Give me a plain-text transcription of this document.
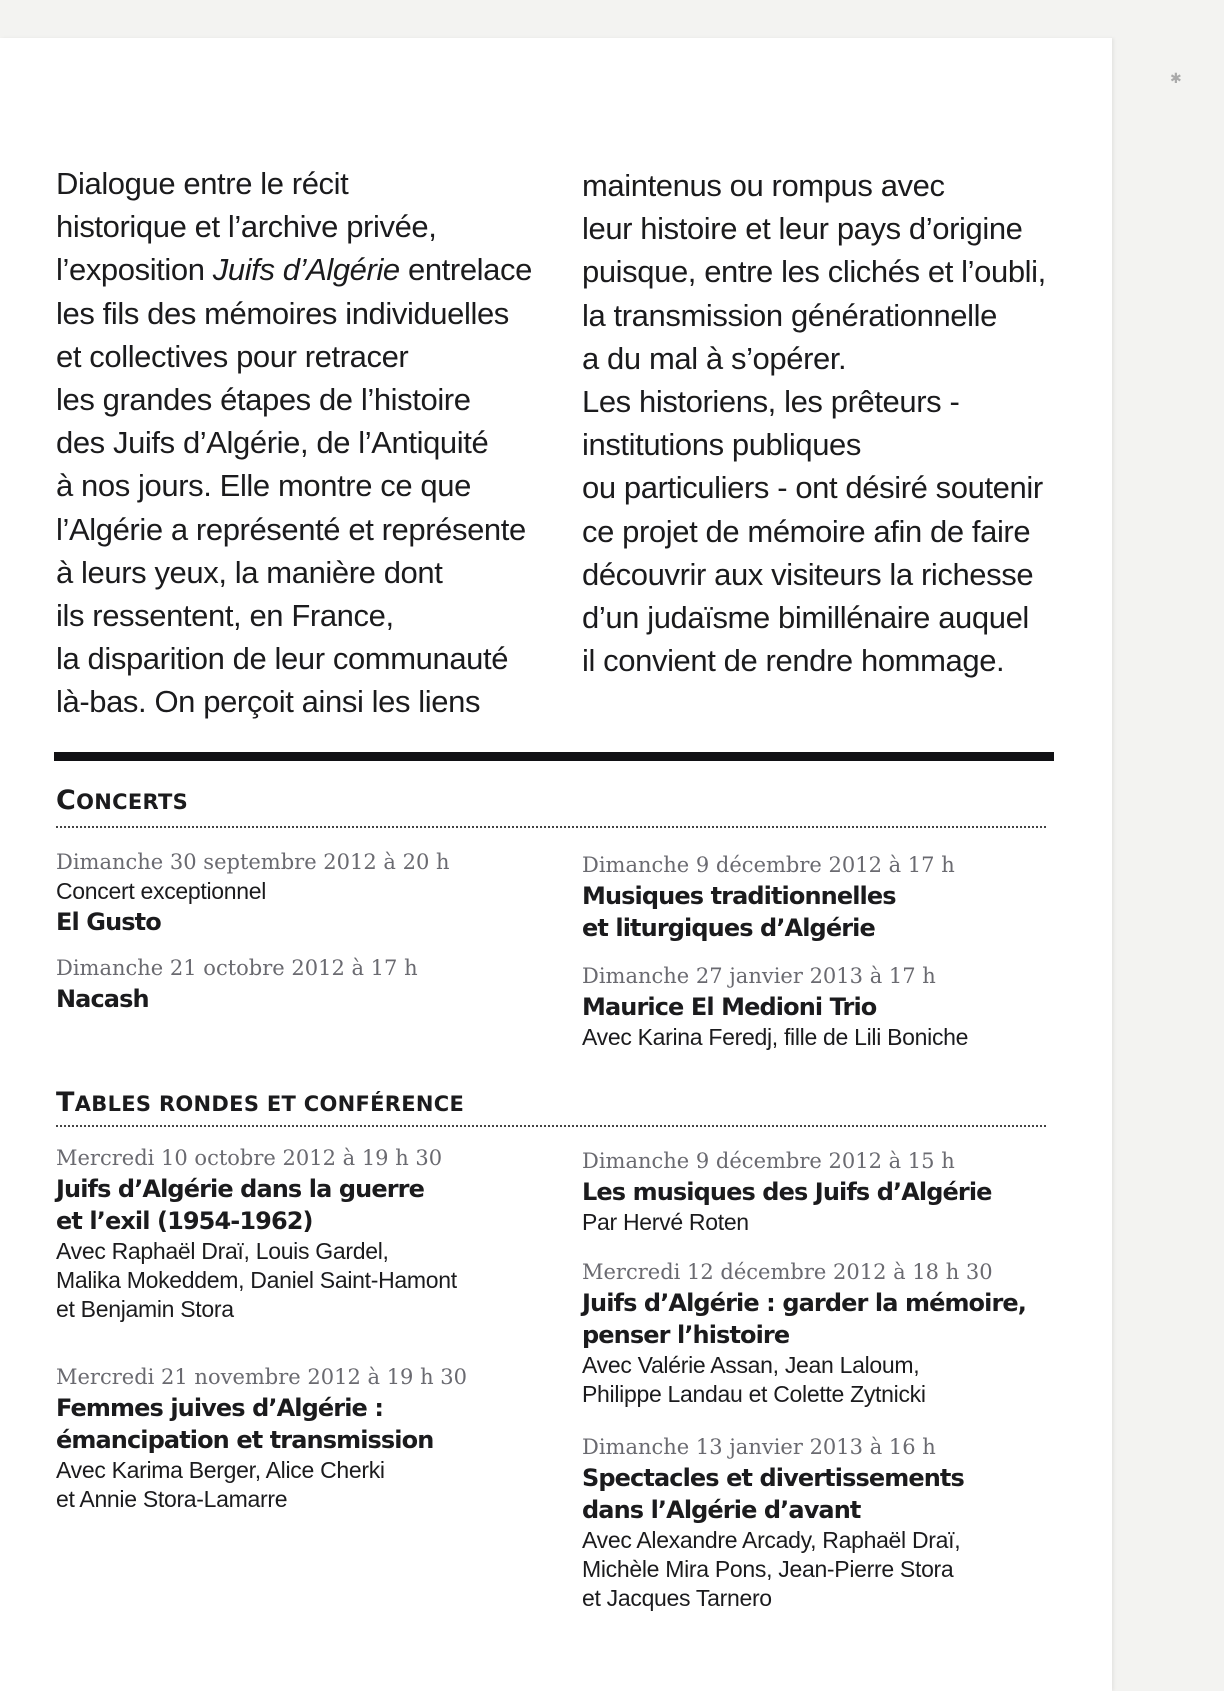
Dialogue entre le récit
historique et l’archive privée,
l’exposition Juifs d’Algérie entrelace
les fils des mémoires individuelles
et collectives pour retracer
les grandes étapes de l’histoire
des Juifs d’Algérie, de l’Antiquité
à nos jours. Elle montre ce que
l’Algérie a représenté et représente
à leurs yeux, la manière dont
ils ressentent, en France,
la disparition de leur communauté
là-bas. On perçoit ainsi les liens
maintenus ou rompus avec
leur histoire et leur pays d’origine
puisque, entre les clichés et l’oubli,
la transmission générationnelle
a du mal à s’opérer.
Les historiens, les prêteurs -
institutions publiques
ou particuliers - ont désiré soutenir
ce projet de mémoire afin de faire
découvrir aux visiteurs la richesse
d’un judaïsme bimillénaire auquel
il convient de rendre hommage.
CONCERTS
Dimanche 30 septembre 2012 à 20 h
Concert exceptionnel
El Gusto
Dimanche 21 octobre 2012 à 17 h
Nacash
Dimanche 9 décembre 2012 à 17 h
Musiques traditionnelles
et liturgiques d’Algérie
Dimanche 27 janvier 2013 à 17 h
Maurice El Medioni Trio
Avec Karina Feredj, fille de Lili Boniche
TABLES RONDES ET CONFÉRENCE
Mercredi 10 octobre 2012 à 19 h 30
Juifs d’Algérie dans la guerre
et l’exil (1954-1962)
Avec Raphaël Draï, Louis Gardel,
Malika Mokeddem, Daniel Saint-Hamont
et Benjamin Stora
Mercredi 21 novembre 2012 à 19 h 30
Femmes juives d’Algérie :
émancipation et transmission
Avec Karima Berger, Alice Cherki
et Annie Stora-Lamarre
Dimanche 9 décembre 2012 à 15 h
Les musiques des Juifs d’Algérie
Par Hervé Roten
Mercredi 12 décembre 2012 à 18 h 30
Juifs d’Algérie : garder la mémoire,
penser l’histoire
Avec Valérie Assan, Jean Laloum,
Philippe Landau et Colette Zytnicki
Dimanche 13 janvier 2013 à 16 h
Spectacles et divertissements
dans l’Algérie d’avant
Avec Alexandre Arcady, Raphaël Draï,
Michèle Mira Pons, Jean-Pierre Stora
et Jacques Tarnero
✱
